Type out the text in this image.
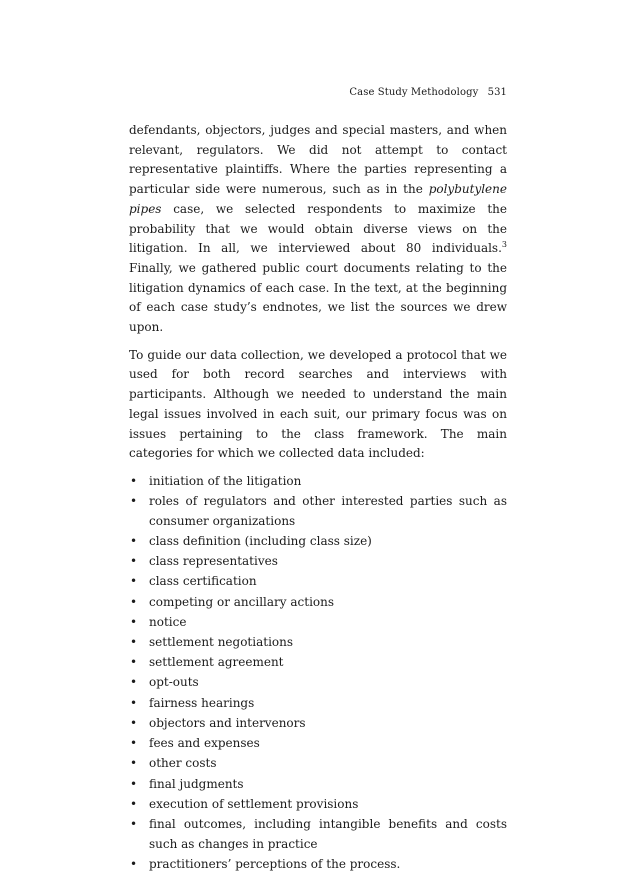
Case Study Methodology 531

defendants, objectors, judges and special masters, and when relevant, regulators. We did not attempt to contact representative plaintiffs. Where the parties representing a particular side were numerous, such as in the polybutylene pipes case, we selected respondents to maximize the probability that we would obtain diverse views on the litigation. In all, we interviewed about 80 individuals.$^3$ Finally, we gathered public court documents relating to the litigation dynamics of each case. In the text, at the beginning of each case study’s endnotes, we list the sources we drew upon.

To guide our data collection, we developed a protocol that we used for both record searches and interviews with participants. Although we needed to understand the main legal issues involved in each suit, our primary focus was on issues pertaining to the class framework. The main categories for which we collected data included:

• initiation of the litigation
• roles of regulators and other interested parties such as consumer organizations
• class definition (including class size)
• class representatives
• class certification
• competing or ancillary actions
• notice
• settlement negotiations
• settlement agreement
• opt-outs
• fairness hearings
• objectors and intervenors
• fees and expenses
• other costs
• final judgments
• execution of settlement provisions
• final outcomes, including intangible benefits and costs such as changes in practice
• practitioners’ perceptions of the process.
